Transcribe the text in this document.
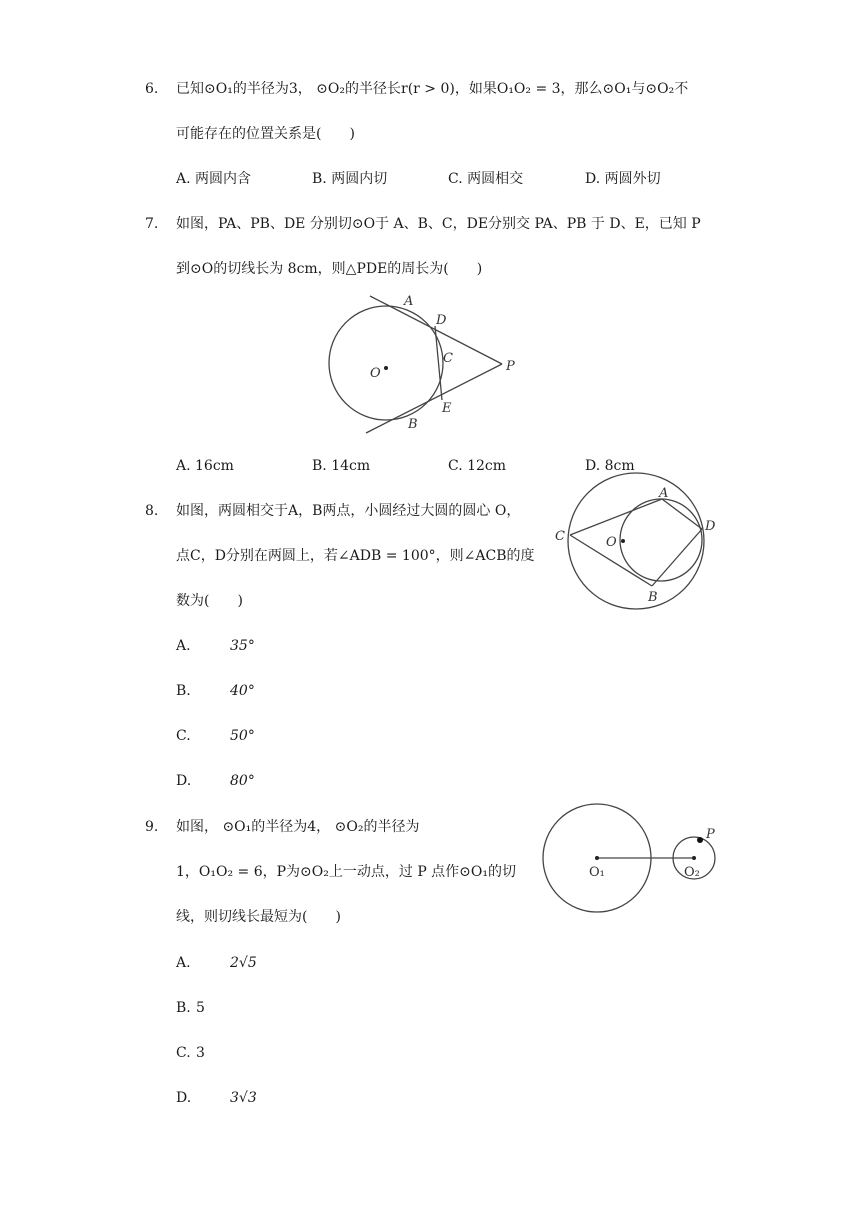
6. 已知⊙O₁的半径为3， ⊙O₂的半径长r(r > 0)，如果O₁O₂ = 3，那么⊙O₁与⊙O₂不
可能存在的位置关系是(　　)
A. 两圆内含	B. 两圆内切	C. 两圆相交	D. 两圆外切
7. 如图，PA、PB、DE 分别切⊙O于 A、B、C，DE分别交 PA、PB 于 D、E，已知 P
到⊙O的切线长为 8cm，则△PDE的周长为(　　)
A
D
C
P
O
E
B
A. 16cm	B. 14cm	C. 12cm	D. 8cm
8. 如图，两圆相交于A，B两点，小圆经过大圆的圆心 O，
点C，D分别在两圆上，若∠ADB = 100°，则∠ACB的度
数为(　　)
A
C	O
D
B
A.	35°
B.	40°
C.	50°
D.	80°
9. 如图， ⊙O₁的半径为4， ⊙O₂的半径为
1，O₁O₂ = 6，P为⊙O₂上一动点，过 P 点作⊙O₁的切
线，则切线长最短为(　　)
O₁	O₂
P
A.	2√5
B. 5
C. 3
D.	3√3
